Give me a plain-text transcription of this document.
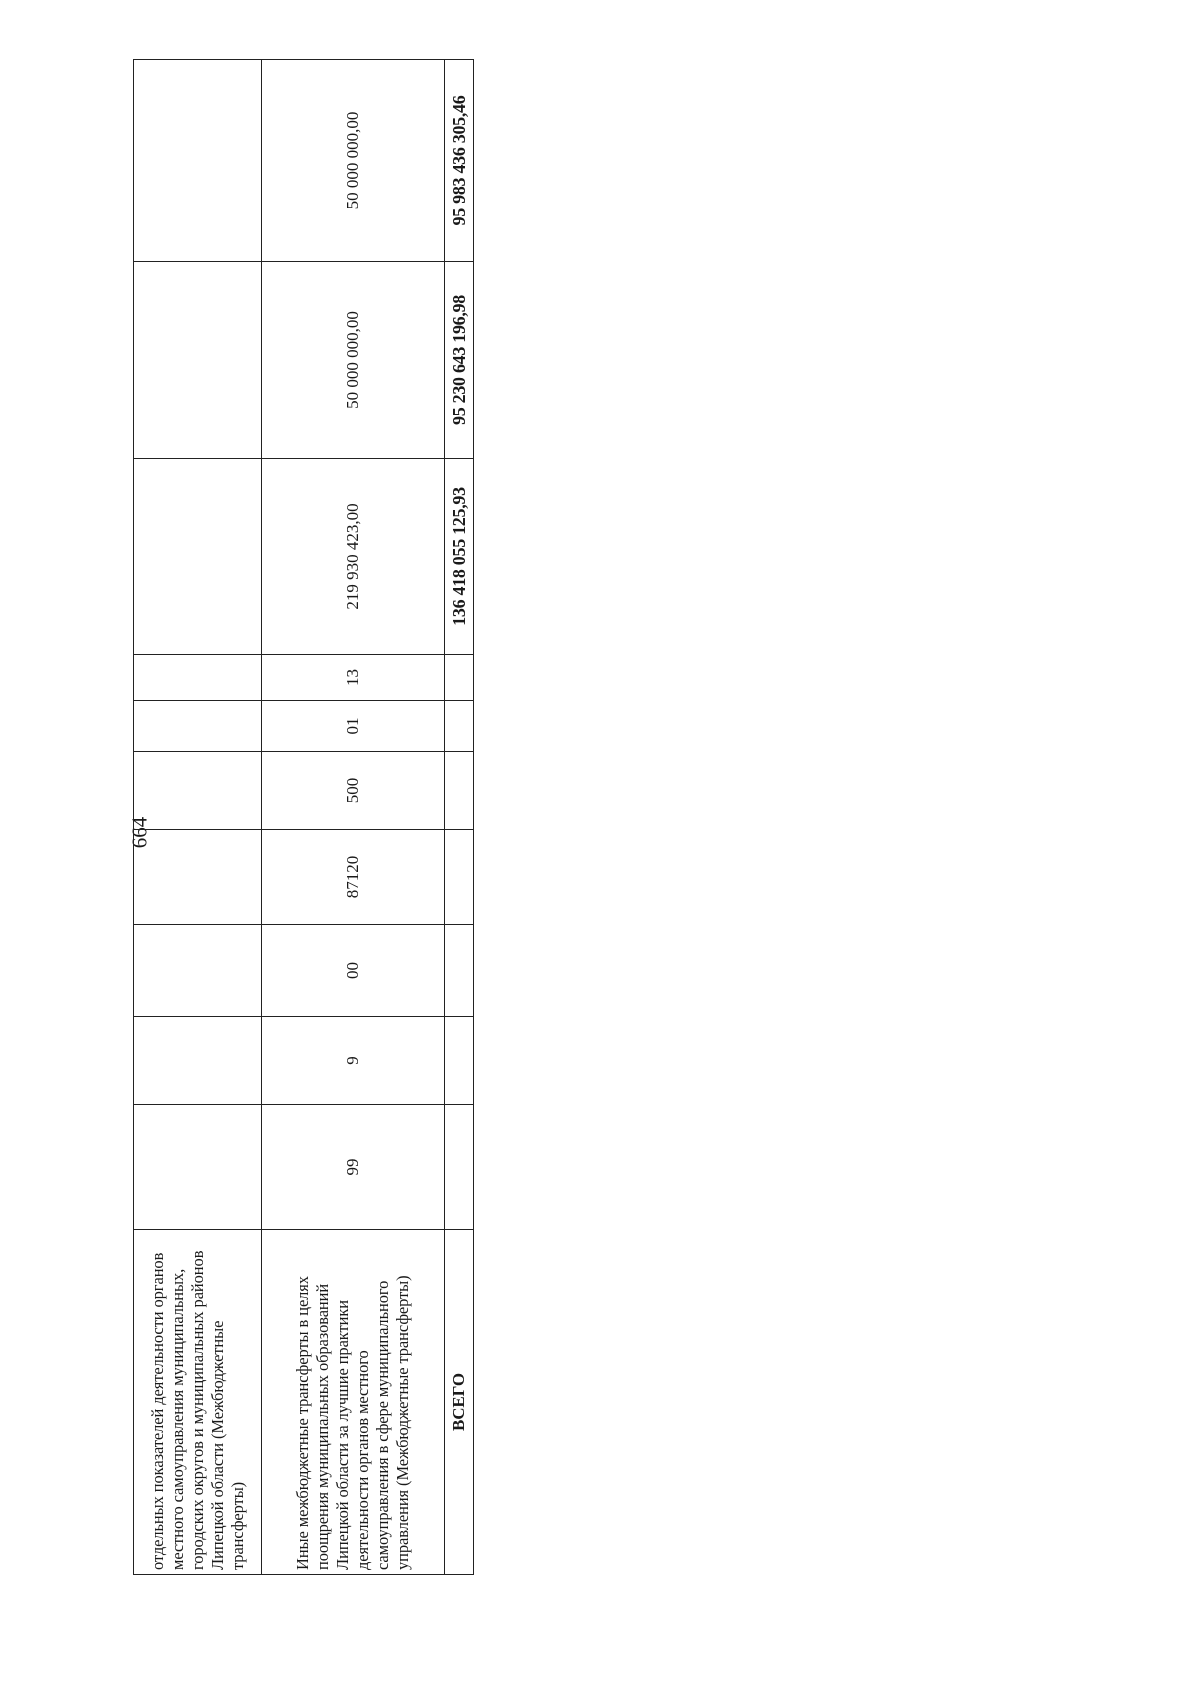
664
отдельных показателей деятельности органов местного самоуправления муниципальных, городских округов и муниципальных районов Липецкой области (Межбюджетные трансферты)										
Иные межбюджетные трансферты в целях поощрения муниципальных образований Липецкой области за лучшие практики деятельности органов местного самоуправления в сфере муниципального управления (Межбюджетные трансферты)	99	9	00	87120	500	01	13	219 930 423,00	50 000 000,00	50 000 000,00
ВСЕГО								136 418 055 125,93	95 230 643 196,98	95 983 436 305,46
